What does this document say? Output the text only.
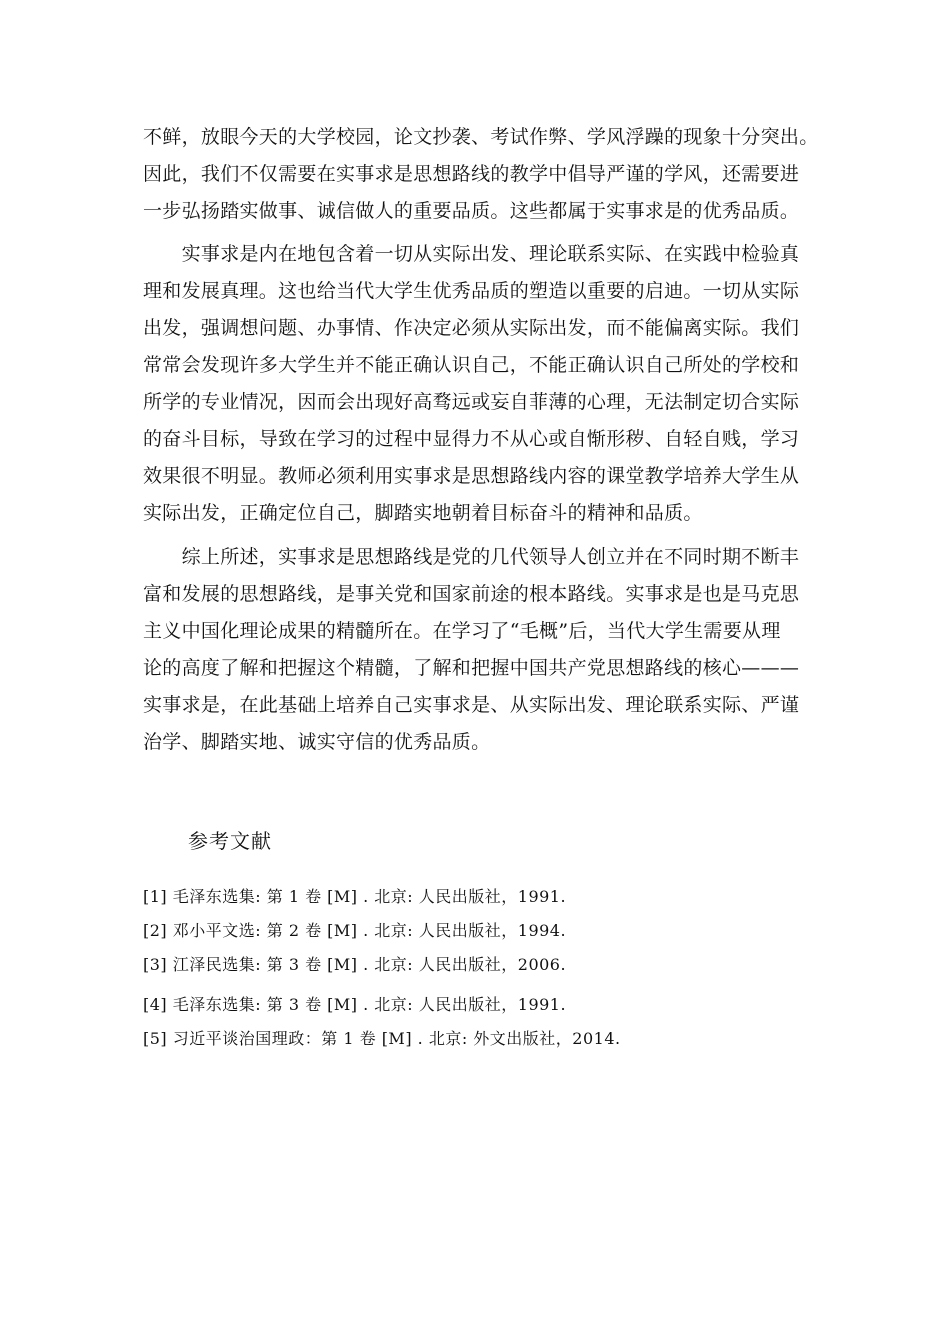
不鲜，放眼今天的大学校园，论文抄袭、考试作弊、学风浮躁的现象十分突出。
因此，我们不仅需要在实事求是思想路线的教学中倡导严谨的学风，还需要进
一步弘扬踏实做事、诚信做人的重要品质。这些都属于实事求是的优秀品质。
　　实事求是内在地包含着一切从实际出发、理论联系实际、在实践中检验真
理和发展真理。这也给当代大学生优秀品质的塑造以重要的启迪。一切从实际
出发，强调想问题、办事情、作决定必须从实际出发，而不能偏离实际。我们
常常会发现许多大学生并不能正确认识自己，不能正确认识自己所处的学校和
所学的专业情况，因而会出现好高骛远或妄自菲薄的心理，无法制定切合实际
的奋斗目标，导致在学习的过程中显得力不从心或自惭形秽、自轻自贱，学习
效果很不明显。教师必须利用实事求是思想路线内容的课堂教学培养大学生从
实际出发，正确定位自己，脚踏实地朝着目标奋斗的精神和品质。
　　综上所述，实事求是思想路线是党的几代领导人创立并在不同时期不断丰
富和发展的思想路线，是事关党和国家前途的根本路线。实事求是也是马克思
主义中国化理论成果的精髓所在。在学习了“毛概”后，当代大学生需要从理
论的高度了解和把握这个精髓，了解和把握中国共产党思想路线的核心———
实事求是，在此基础上培养自己实事求是、从实际出发、理论联系实际、严谨
治学、脚踏实地、诚实守信的优秀品质。
参考文献
[1] 毛泽东选集: 第 1 卷 [M] . 北京: 人民出版社，1991.
[2] 邓小平文选: 第 2 卷 [M] . 北京: 人民出版社，1994.
[3] 江泽民选集: 第 3 卷 [M] . 北京: 人民出版社，2006.
[4] 毛泽东选集: 第 3 卷 [M] . 北京: 人民出版社，1991.
[5] 习近平谈治国理政：第 1 卷 [M] . 北京: 外文出版社，2014.
